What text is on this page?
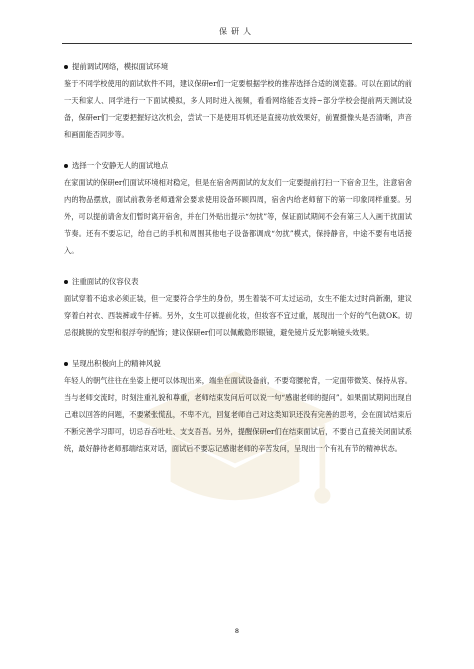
保研人
提前调试网络，模拟面试环境
鉴于不同学校使用的面试软件不同，建议保研er们一定要根据学校的推荐选择合适的浏览器。可以在面试的前一天和家人、同学进行一下面试模拟，多人同时进入视频，看看网络能否支持~部分学校会提前两天测试设备，保研er们一定要把握好这次机会，尝试一下是使用耳机还是直接功放效果好，前置摄像头是否清晰，声音和画面能否同步等。
选择一个安静无人的面试地点
在家面试的保研er们面试环境相对稳定，但是在宿舍两面试的友友们一定要提前打扫一下宿舍卫生，注意宿舍内的物品摆放，面试前教务老师通常会要求使用设备环顾四周，宿舍内给老师留下的第一印象同样重要。另外，可以提前请舍友们暂时离开宿舍，并在门外贴出提示“勿扰”等，保证面试期间不会有第三人入画干扰面试节奏。还有不要忘记，给自己的手机和周围其他电子设备都调成“勿扰”模式，保持静音，中途不要有电话接入。
注重面试的仪容仪表
面试穿着不追求必须正装，但一定要符合学生的身份，男生着装不可太过运动，女生不能太过时尚新潮，建议穿着白衬衣、西装裤或牛仔裤。另外，女生可以提前化妆，但妆容不宜过重，展现出一个好的气色就OK。切忌很跳脱的发型和很浮夸的配饰；建议保研er们可以佩戴隐形眼镜，避免镜片反光影响镜头效果。
呈现出积极向上的精神风貌
年轻人的朝气往往在坐姿上便可以体现出来，端坐在面试设备前，不要弯腰驼背，一定面带微笑、保持从容。当与老师交流时，时刻注重礼貌和尊重，老师结束发问后可以说一句“感谢老师的提问”。如果面试期间出现自己难以回答的问题，不要紧张慌乱，不卑不亢，回复老师自己对这类知识还没有完善的思考，会在面试结束后不断完善学习即可，切忌吞吞吐吐、支支吾吾。另外，提醒保研er们在结束面试后，不要自己直接关闭面试系统，最好静待老师那端结束对话，面试后不要忘记感谢老师的辛苦发问，呈现出一个有礼有节的精神状态。
8
